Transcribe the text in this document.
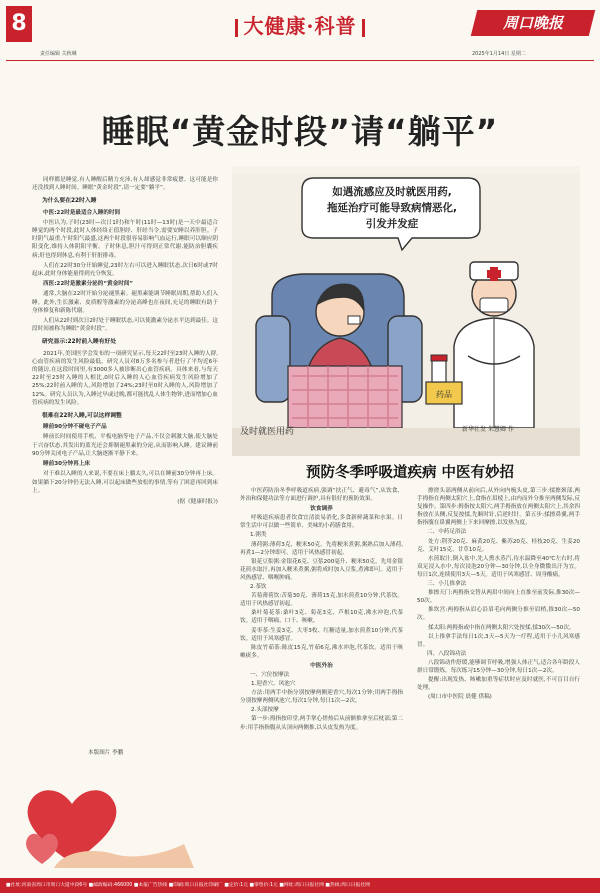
8
责任编辑 关秋琳
大健康·科普	周口晚报
2025年1月14日 星期二
睡眠“黄金时段”请“躺平”

同样都是睡觉,有人睡醒后精力充沛,有人却感觉非常疲惫。这可能是你还没找到人睡时间。睡眠“黄金时段”,请一定要“躺平”。

为什么要在22时入睡

中医:22时是最适合入睡的时间

中医认为,子时(23时—次日1时)和午时(11时—13时)是一天中最适合睡觉的两个时段,此时人体经络正值胆经、肝经当令,需要安睡以养肝胆。子时阴气最重,午时阳气最盛,这两个时段很容易影响气血运行,睡眠可以顺应阴阳变化,维持人体阴阳平衡。子时休息,胆汁可得到正常代谢,能防治胆囊疾病;肝也得到休息,有利于肝脏排毒。

人们在22时30分开始睡觉,23时左右可以进入睡眠状态,次日6时或7时起床,此时身体能量得到充分恢复。

西医:22时是激素分泌的“黄金时间”

通常,大脑在22时开始分泌褪黑素。褪黑素能调节睡眠周期,帮助人们入睡。此外,生长激素、皮质醇等激素的分泌高峰也在夜间,充足的睡眠有助于身体修复和新陈代谢。

人们从22时到次日2时处于睡眠状态,可以使激素分泌水平达到最佳。这段时间被称为睡眠“黄金时段”。

研究显示:22时前入睡有好处

2021年,美国医学会发布的一项研究显示,每天22时至23时入睡的人群,心血管疾病的发生风险最低。研究人员对8万多名参与者进行了平均近6年的随访,在这段时间里,有3000多人被诊断出心血管疾病。具体来看,与每天22时至23时入睡的人相比,0时后入睡的人心血管疾病发生风险增加了25%;22时前入睡的人,风险增加了24%;23时至0时入睡的人,风险增加了12%。研究人员认为,入睡过早或过晚,都可能扰乱人体生物钟,进而增加心血管疾病的发生风险。

很难在22时入睡,可以这样调整

睡前90分钟不碰电子产品

睡前长时间使用手机、平板电脑等电子产品,不仅会刺激大脑,使大脑处于兴奋状态,其发出的蓝光还会抑制褪黑素的分泌,从而影响入睡。建议睡前90分钟关闭电子产品,让大脑逐渐平静下来。

睡前30分钟再上床

对于难以入睡的人来说,不要在床上躺太久,可以在睡前30分钟再上床。如果躺下20分钟仍无法入睡,可以起床做些放松的事情,等有了困意再回到床上。

(据《健康时报》)
本版图片 李鹏
如遇流感应及时就医用药,
拖延治疗可能导致病情恶化,
引发并发症
药品
及时就医用药	新华社发 朱慧卿 作
预防冬季呼吸道疾病 中医有妙招

中医药防治冬季呼吸道疾病,强调“扶正气、避毒气”,从饮食、外治和保健功法等方面进行调护,具有很好的预防效果。

饮食调养

呼吸道疾病患者饮食宜清淡易消化,多食新鲜蔬菜和水果。日常生活中可以做一些简单、美味的小药膳食用。

1.粥类

薄荷粥:薄荷3克、粳米50克。先将粳米煮粥,粥熟后加入薄荷,再煮1—2分钟即可。适用于风热感冒初起。

银花豆浆粥:金银花6克、豆浆200毫升、粳米50克。先用金银花煎水取汁,再加入粳米煮粥,粥将成时加入豆浆,煮沸即可。适用于风热感冒、咽喉肿痛。

2.茶饮

苦菊薄荷饮:苦菊30克、薄荷15克,加水煎煮10分钟,代茶饮。适用于风热感冒初起。

桑叶菊花茶:桑叶3克、菊花3克、芦根10克,沸水冲泡,代茶饮。适用于咽痛、口干、咳嗽。

姜枣茶:生姜3克、大枣3枚、红糖适量,加水煎煮10分钟,代茶饮。适用于风寒感冒。

陈皮竹茹茶:陈皮15克,竹茹6克,沸水冲泡,代茶饮。适用于咳嗽痰多。

中医外治
一、穴位按摩法

1.迎香穴、风池穴

方法:用两手中指分别按摩两侧迎香穴,每次1分钟;用两手拇指分别按摩两侧风池穴,每次1分钟,每日1次—2次。

2.头部按摩

第一步:拇指按印堂,两手掌心搓热后从前额推拿至后枕部;第二步:用手指指腹从头顶向两侧推,以头皮发热为度。

擦搓头部两侧从前向后,从外向内梳头皮,第三步:揉擦颈部,两手拇指在两侧太阳穴上,食指在眉棱上,由内而外分推至两侧发际,反复操作。第四步:拇指按太阳穴,两手拇指放在两侧太阳穴上,其余四指放在头侧,反复按揉,先顺时针,后逆时针。第五步:揉擦鼻翼,两手指指腹在鼻翼两侧上下来回摩擦,以发热为度。

二、中药足浴法

处方:荆芥20克、麻黄20克、紫苏20克、桂枝20克、生姜20克、艾叶15克、甘草10克。

水煎取汁,倒入盆中,先人熏水蒸汽,待水温降至40℃左右时,将双足浸入水中,每次浸泡20分钟—30分钟,以全身微微出汗为宜。每日1次,连续使用3天—5天。适用于风寒感冒、周身酸痛。

三、小儿推拿法

推擦天门:两拇指交替从两眉中间向上直推至前发际,推30次—50次。

推坎宫:两拇指从眉心沿眉毛向两侧分推至眉梢,推30次—50次。

揉太阳:两拇指或中指在两侧太阳穴处按揉,揉30次—50次。

以上推拿手法每日1次,3天—5天为一疗程,适用于小儿风寒感冒。

四、八段锦功法

八段锦动作舒缓,能够调节呼吸,增强人体正气,适合各年龄段人群日常锻炼。每次练习15分钟—30分钟,每日1次—2次。

提醒:出现发热、咳嗽加重等症状时应及时就医,不可盲目自行处理。

(周口市中医院 晨健 供稿)

■社址:河南省周口市周口大道中段6号 ■邮政编码:466000 ■本报广告热线 ■印刷:周口日报社印刷厂 ■定价:1元 ■零售价:1元 ■网址:周口日报社网 ■热线:周口日报社网
